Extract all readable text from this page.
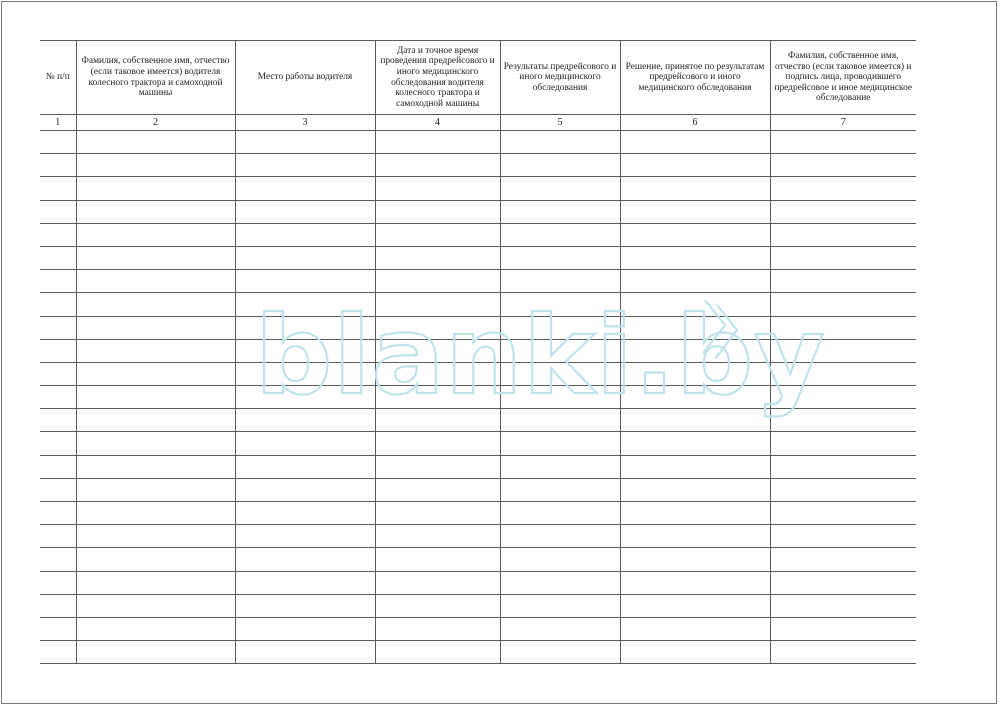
№ п/п	Фамилия, собственное имя, отчество (если таковое имеется) водителя колесного трактора и самоходной машины	Место работы водителя	Дата и точное время проведения предрейсового и иного медицинского обследования водителя колесного трактора и самоходной машины	Результаты предрейсового и иного медицинского обследования	Решение, принятое по результатам предрейсового и иного медицинского обследования	Фамилия, собственное имя, отчество (если таковое имеется) и подпись лица, проводившего предрейсовое и иное медицинское обследование
1	2	3	4	5	6	7

blanki.by
